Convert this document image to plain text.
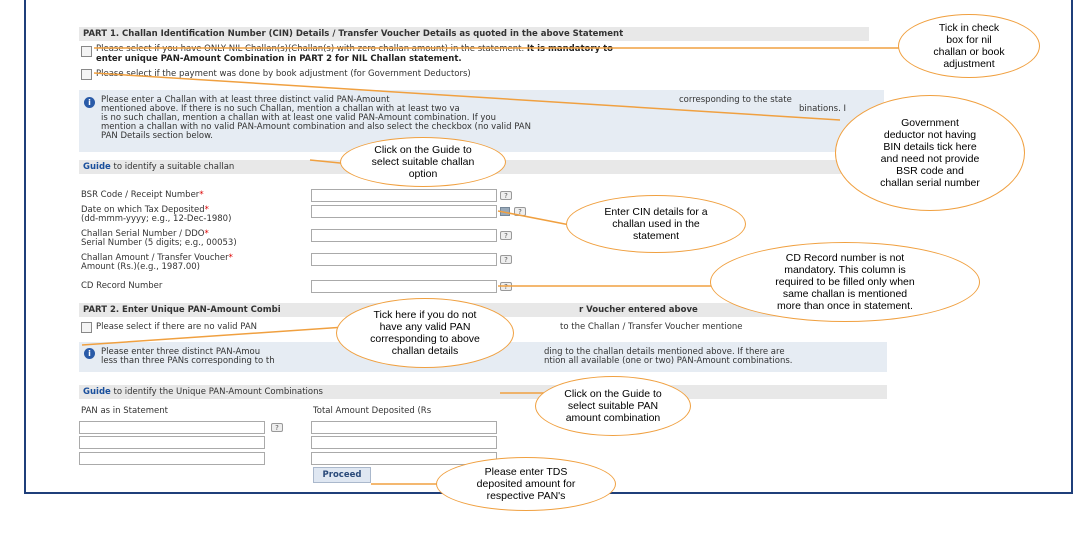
PART 1. Challan Identification Number (CIN) Details / Transfer Voucher Details as quoted in the above Statement
Please select if you have ONLY NIL Challan(s)(Challan(s) with zero challan amount) in the statement. It is mandatory to
enter unique PAN-Amount Combination in PART 2 for NIL Challan statement.
Please select if the payment was done by book adjustment (for Government Deductors)
i	Please enter a Challan with at least three distinct valid PAN-Amount	corresponding to the state
mentioned above. If there is no such Challan, mention a challan with at least two va	binations. I
is no such challan, mention a challan with at least one valid PAN-Amount combination. If you
mention a challan with no valid PAN-Amount combination and also select the checkbox (no valid PAN
PAN Details section below.
Guide to identify a suitable challan
BSR Code / Receipt Number*	?
Date on which Tax Deposited*
(dd-mmm-yyyy; e.g., 12-Dec-1980)
?
Challan Serial Number / DDO*
Serial Number (5 digits; e.g., 00053)
?
Challan Amount / Transfer Voucher*
Amount (Rs.)(e.g., 1987.00)
?
CD Record Number	?
PART 2. Enter Unique PAN-Amount Combi	r Voucher entered above
Please select if there are no valid PAN	to the Challan / Transfer Voucher mentione
i	Please enter three distinct PAN-Amou	ding to the challan details mentioned above. If there are
less than three PANs corresponding to th	ntion all available (one or two) PAN-Amount combinations.
Guide to identify the Unique PAN-Amount Combinations
PAN as in Statement	Total Amount Deposited (Rs
?
Proceed
Tick in check
box for nil
challan or book
adjustment
Government
deductor not having
BIN details tick here
and need not provide
BSR code and
challan serial number
Click on the Guide to
select suitable challan
option
Enter CIN details for a
challan used in the
statement
CD Record number is not
mandatory. This column is
required to be filled only when
same challan is mentioned
more than once in statement.
Tick here if you do not
have any valid PAN
corresponding to above
challan details
Click on the Guide to
select suitable PAN
amount combination
Please enter TDS
deposited amount for
respective PAN's
